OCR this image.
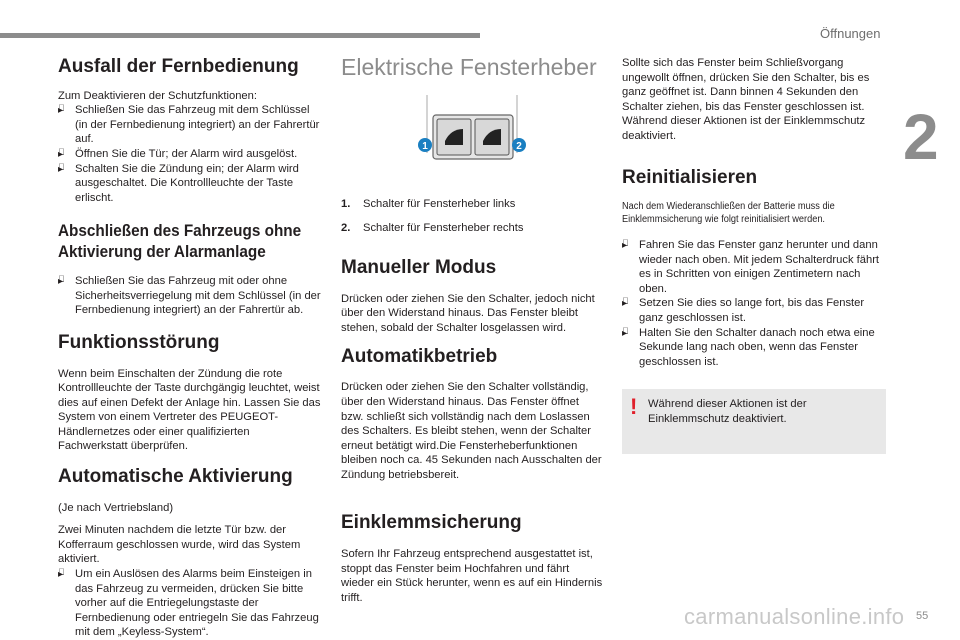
Öffnungen
2
Ausfall der Fernbedienung

Zum Deaktivieren der Schutzfunktionen:

▸ Schließen Sie das Fahrzeug mit dem Schlüssel (in der Fernbedienung integriert) an der Fahrertür auf.
▸ Öffnen Sie die Tür; der Alarm wird ausgelöst.
▸ Schalten Sie die Zündung ein; der Alarm wird ausgeschaltet. Die Kontrollleuchte der Taste erlischt.
Abschließen des Fahrzeugs ohne Aktivierung der Alarmanlage
▸ Schließen Sie das Fahrzeug mit oder ohne Sicherheitsverriegelung mit dem Schlüssel (in der Fernbedienung integriert) an der Fahrertür ab.
Funktionsstörung

Wenn beim Einschalten der Zündung die rote Kontrollleuchte der Taste durchgängig leuchtet, weist dies auf einen Defekt der Anlage hin. Lassen Sie das System von einem Vertreter des PEUGEOT-Händlernetzes oder einer qualifizierten Fachwerkstatt überprüfen.

Automatische Aktivierung

(Je nach Vertriebsland)

Zwei Minuten nachdem die letzte Tür bzw. der Kofferraum geschlossen wurde, wird das System aktiviert.

▸ Um ein Auslösen des Alarms beim Einsteigen in das Fahrzeug zu vermeiden, drücken Sie bitte vorher auf die Entriegelungstaste der Fernbedienung oder entriegeln Sie das Fahrzeug mit dem „Keyless-System“.
Elektrische Fensterheber
1	2
1. Schalter für Fensterheber links
2. Schalter für Fensterheber rechts
Manueller Modus

Drücken oder ziehen Sie den Schalter, jedoch nicht über den Widerstand hinaus. Das Fenster bleibt stehen, sobald der Schalter losgelassen wird.

Automatikbetrieb

Drücken oder ziehen Sie den Schalter vollständig, über den Widerstand hinaus. Das Fenster öffnet bzw. schließt sich vollständig nach dem Loslassen des Schalters. Es bleibt stehen, wenn der Schalter erneut betätigt wird.Die Fensterheberfunktionen bleiben noch ca. 45 Sekunden nach Ausschalten der Zündung betriebsbereit.

Einklemmsicherung

Sofern Ihr Fahrzeug entsprechend ausgestattet ist, stoppt das Fenster beim Hochfahren und fährt wieder ein Stück herunter, wenn es auf ein Hindernis trifft.

Sollte sich das Fenster beim Schließvorgang ungewollt öffnen, drücken Sie den Schalter, bis es ganz geöffnet ist. Dann binnen 4 Sekunden den Schalter ziehen, bis das Fenster geschlossen ist.

Während dieser Aktionen ist der Einklemmschutz deaktiviert.

Reinitialisieren

Nach dem Wiederanschließen der Batterie muss die Einklemmsicherung wie folgt reinitialisiert werden.

▸ Fahren Sie das Fenster ganz herunter und dann wieder nach oben. Mit jedem Schalterdruck fährt es in Schritten von einigen Zentimetern nach oben.
▸ Setzen Sie dies so lange fort, bis das Fenster ganz geschlossen ist.
▸ Halten Sie den Schalter danach noch etwa eine Sekunde lang nach oben, wenn das Fenster geschlossen ist.
! Während dieser Aktionen ist der Einklemmschutz deaktiviert.
carmanualsonline.info 55
